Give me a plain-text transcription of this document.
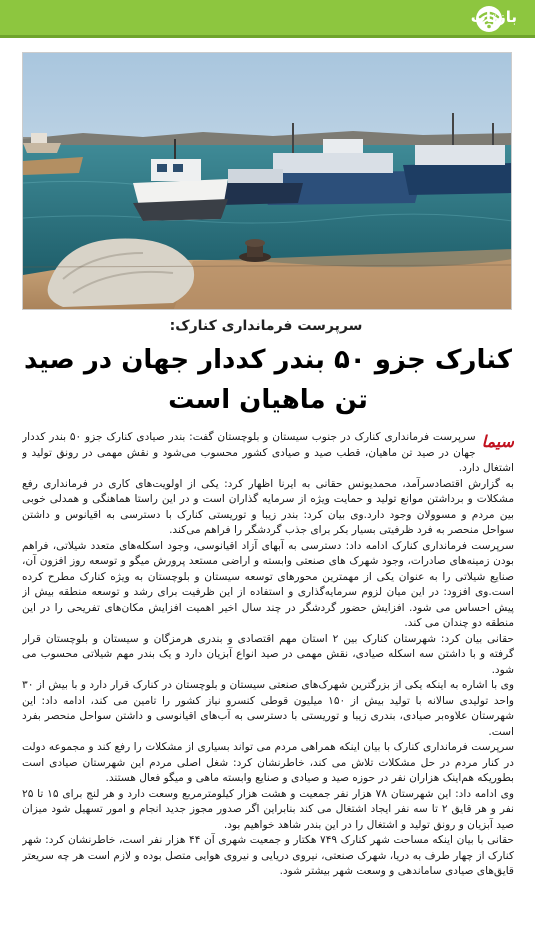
بازتاب
سرپرست فرمانداری کنارک:
کنارک جزو ۵۰ بندر کددار جهان در صید تن ماهیان است
سیما

سرپرست فرمانداری کنارک در جنوب سیستان و بلوچستان گفت: بندر صیادی کنارک جزو ۵۰ بندر کددار جهان در صید تن ماهیان، قطب صید و صیادی کشور محسوب می‌شود و نقش مهمی در رونق تولید و اشتغال دارد.

به گزارش اقتصادسرآمد، محمدیونس حقانی به ایرنا اظهار کرد: یکی از اولویت‌های کاری در فرمانداری رفع مشکلات و برداشتن موانع تولید و حمایت ویژه از سرمایه گذاران است و در این راستا هماهنگی و همدلی خوبی بین مردم و مسوولان وجود دارد.وی بیان کرد: بندر زیبا و توریستی کنارک با دسترسی به اقیانوس و داشتن سواحل منحصر به فرد ظرفیتی بسیار بکر برای جذب گردشگر را فراهم می‌کند.

سرپرست فرمانداری کنارک ادامه داد: دسترسی به آبهای آزاد اقیانوسی، وجود اسکله‌های متعدد شیلاتی، فراهم بودن زمینه‌های صادرات، وجود شهرک های صنعتی وابسته و اراضی مستعد پرورش میگو و توسعه روز افزون آن، صنایع شیلاتی را به عنوان یکی از مهمترین محورهای توسعه سیستان و بلوچستان به ویژه کنارک مطرح کرده است.وی افزود: در این میان لزوم سرمایه‌گذاری و استفاده از این ظرفیت برای رشد و توسعه منطقه بیش از پیش احساس می شود. افزایش حضور گردشگر در چند سال اخیر اهمیت افزایش مکان‌های تفریحی را در این منطقه دو چندان می کند.

حقانی بیان کرد: شهرستان کنارک بین ۲ استان مهم اقتصادی و بندری هرمزگان و سیستان و بلوچستان قرار گرفته و با داشتن سه اسکله صیادی، نقش مهمی در صید انواع آبزیان دارد و یک بندر مهم شیلاتی محسوب می شود.

وی با اشاره به اینکه یکی از بزرگترین شهرک‌های صنعتی سیستان و بلوچستان در کنارک قرار دارد و با بیش از ۳۰ واحد تولیدی سالانه با تولید بیش از ۱۵۰ میلیون قوطی کنسرو نیاز کشور را تامین می کند، ادامه داد: این شهرستان علاوه‌بر صیادی، بندری زیبا و توریستی با دسترسی به آب‌های اقیانوسی و داشتن سواحل منحصر بفرد است.

سرپرست فرمانداری کنارک با بیان اینکه همراهی مردم می تواند بسیاری از مشکلات را رفع کند و مجموعه دولت در کنار مردم در حل مشکلات تلاش می کند، خاطرنشان کرد: شغل اصلی مردم این شهرستان صیادی است بطوریکه هم‌اینک هزاران نفر در حوزه صید و صیادی و صنایع وابسته ماهی و میگو فعال هستند.

وی ادامه داد: این شهرستان ۷۸ هزار نفر جمعیت و هشت هزار کیلومترمربع وسعت دارد و هر لنج برای ۱۵ تا ۲۵ نفر و هر قایق ۲ تا سه نفر ایجاد اشتغال می کند بنابراین اگر صدور مجوز جدید انجام و امور تسهیل شود میزان صید آبزیان و رونق تولید و اشتغال را در این بندر شاهد خواهیم بود.

حقانی با بیان اینکه مساحت شهر کنارک ۷۴۹ هکتار و جمعیت شهری آن ۴۴ هزار نفر است، خاطرنشان کرد: شهر کنارک از چهار طرف به دریا، شهرک صنعتی، نیروی دریایی و نیروی هوایی متصل بوده و لازم است هر چه سریعتر قایق‌های صیادی ساماندهی و وسعت شهر بیشتر شود.
